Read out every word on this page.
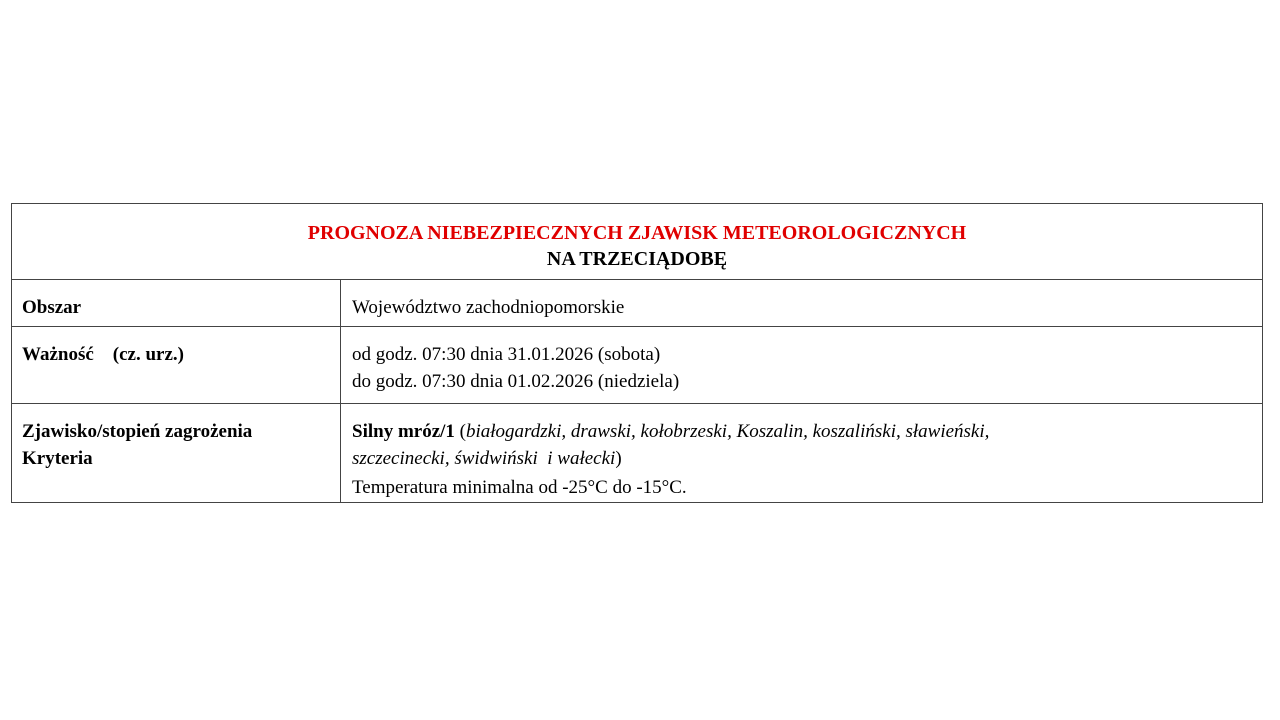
PROGNOZA NIEBEZPIECZNYCH ZJAWISK METEOROLOGICZNYCH
NA TRZECIĄDOBĘ
Obszar	Województwo zachodniopomorskie
Ważność    (cz. urz.)	od godz. 07:30 dnia 31.01.2026 (sobota)
do godz. 07:30 dnia 01.02.2026 (niedziela)
Zjawisko/stopień zagrożenia
Kryteria
Silny mróz/1 (białogardzki, drawski, kołobrzeski, Koszalin, koszaliński, sławieński,
szczecinecki, świdwiński  i wałecki)
Temperatura minimalna od -25°C do -15°C.
